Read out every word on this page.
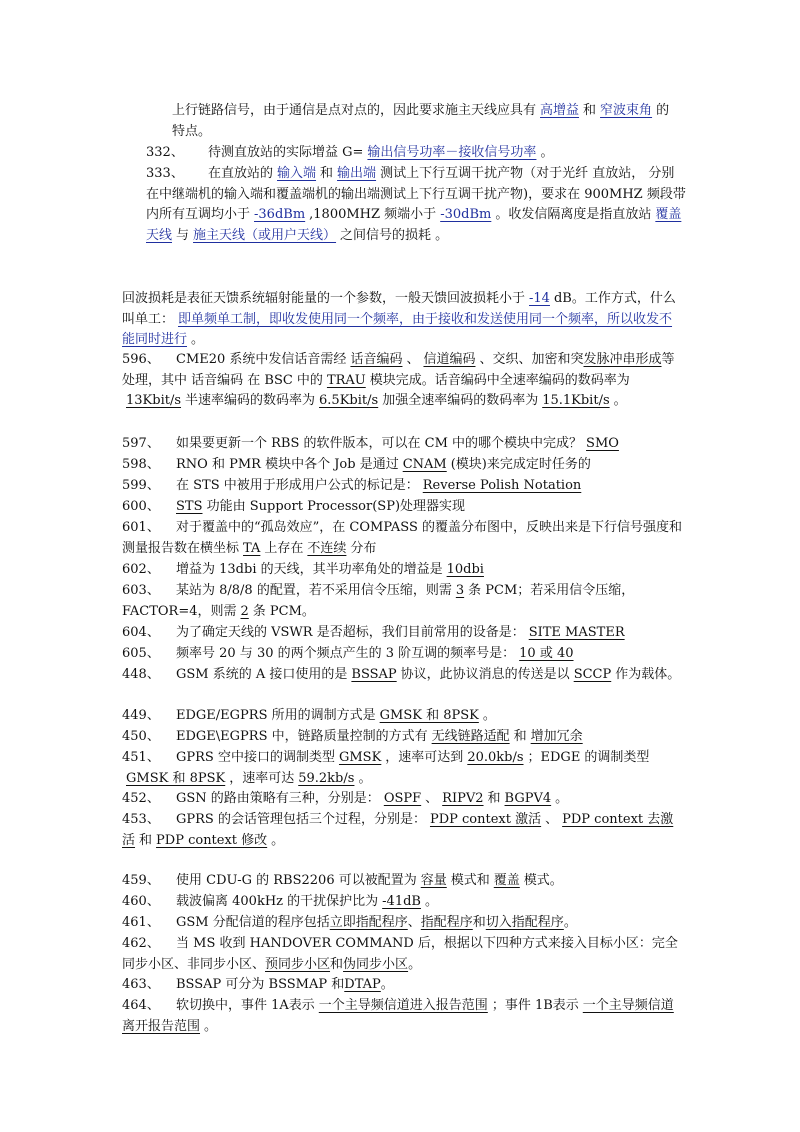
上行链路信号，由于通信是点对点的，因此要求施主天线应具有 高增益 和 窄波束角 的特点。
332、	待测直放站的实际增益 G= 输出信号功率－接收信号功率 。
333、 在直放站的 输入端 和 输出端 测试上下行互调干扰产物（对于光纤 直放站， 分别在中继端机的输入端和覆盖端机的输出端测试上下行互调干扰产物)，要求在 900MHZ 频段带内所有互调均小于 -36dBm ,1800MHZ 频端小于 -30dBm 。收发信隔离度是指直放站 覆盖天线 与 施主天线（或用户天线） 之间信号的损耗 。
回波损耗是表征天馈系统辐射能量的一个参数，一般天馈回波损耗小于 -14 dB。工作方式，什么叫单工： 即单频单工制，即收发使用同一个频率，由于接收和发送使用同一个频率，所以收发不能同时进行 。
596、 CME20 系统中发信话音需经 话音编码 、 信道编码 、交织、加密和突发脉冲串形成等处理，其中 话音编码 在 BSC 中的 TRAU 模块完成。话音编码中全速率编码的数码率为13Kbit/s 半速率编码的数码率为 6.5Kbit/s 加强全速率编码的数码率为 15.1Kbit/s 。
597、	如果要更新一个 RBS 的软件版本，可以在 CM 中的哪个模块中完成？ SMO
598、	RNO 和 PMR 模块中各个 Job 是通过 CNAM (模块)来完成定时任务的
599、	在 STS 中被用于形成用户公式的标记是： Reverse Polish Notation
600、	STS 功能由 Support Processor(SP)处理器实现
601、 对于覆盖中的“孤岛效应”，在 COMPASS 的覆盖分布图中，反映出来是下行信号强度和测量报告数在横坐标 TA 上存在 不连续 分布
602、	增益为 13dbi 的天线，其半功率角处的增益是 10dbi
603、 某站为 8/8/8 的配置，若不采用信令压缩，则需 3 条 PCM；若采用信令压缩，FACTOR=4，则需 2 条 PCM。
604、	为了确定天线的 VSWR 是否超标，我们目前常用的设备是： SITE MASTER
605、	频率号 20 与 30 的两个频点产生的 3 阶互调的频率号是： 10 或 40
448、 GSM 系统的 A 接口使用的是 BSSAP 协议，此协议消息的传送是以 SCCP 作为载体。
449、	EDGE/EGPRS 所用的调制方式是 GMSK 和 8PSK 。
450、	EDGE\EGPRS 中，链路质量控制的方式有 无线链路适配 和 增加冗余
451、 GPRS 空中接口的调制类型 GMSK ，速率可达到 20.0kb/s ；EDGE 的调制类型GMSK 和 8PSK ，速率可达 59.2kb/s 。
452、	GSN 的路由策略有三种，分别是： OSPF 、 RIPV2 和 BGPV4 。
453、 GPRS 的会话管理包括三个过程，分别是： PDP context 激活 、 PDP context 去激活 和 PDP context 修改 。
459、	使用 CDU-G 的 RBS2206 可以被配置为 容量 模式和 覆盖 模式。
460、	载波偏离 400kHz 的干扰保护比为 -41dB 。
461、	GSM 分配信道的程序包括立即指配程序、指配程序和切入指配程序。
462、 当 MS 收到 HANDOVER COMMAND 后，根据以下四种方式来接入目标小区：完全同步小区、非同步小区、预同步小区和伪同步小区。
463、	BSSAP 可分为 BSSMAP 和DTAP。
464、 软切换中，事件 1A表示 一个主导频信道进入报告范围 ；事件 1B表示 一个主导频信道离开报告范围 。
